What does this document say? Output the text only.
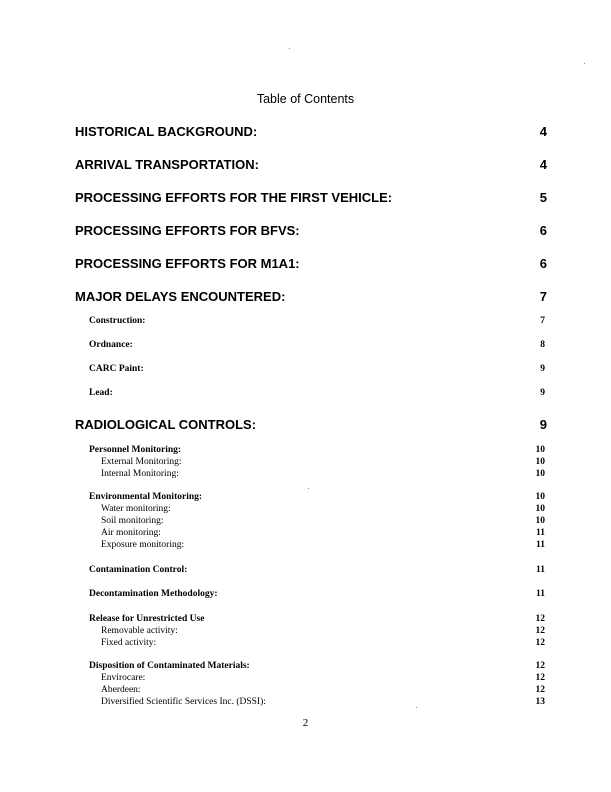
Table of Contents
HISTORICAL BACKGROUND:	4
ARRIVAL TRANSPORTATION:	4
PROCESSING EFFORTS FOR THE FIRST VEHICLE:	5
PROCESSING EFFORTS FOR BFVS:	6
PROCESSING EFFORTS FOR M1A1:	6
MAJOR DELAYS ENCOUNTERED:	7
Construction:	7
Ordnance:	8
CARC Paint:	9
Lead:	9
RADIOLOGICAL CONTROLS:	9
Personnel Monitoring:	10
External Monitoring:	10
Internal Monitoring:	10
Environmental Monitoring:	10
Water monitoring:	10
Soil monitoring:	10
Air monitoring:	11
Exposure monitoring:	11
Contamination Control:	11
Decontamination Methodology:	11
Release for Unrestricted Use	12
Removable activity:	12
Fixed activity:	12
Disposition of Contaminated Materials:	12
Envirocare:	12
Aberdeen:	12
Diversified Scientific Services Inc. (DSSI):	13
2
